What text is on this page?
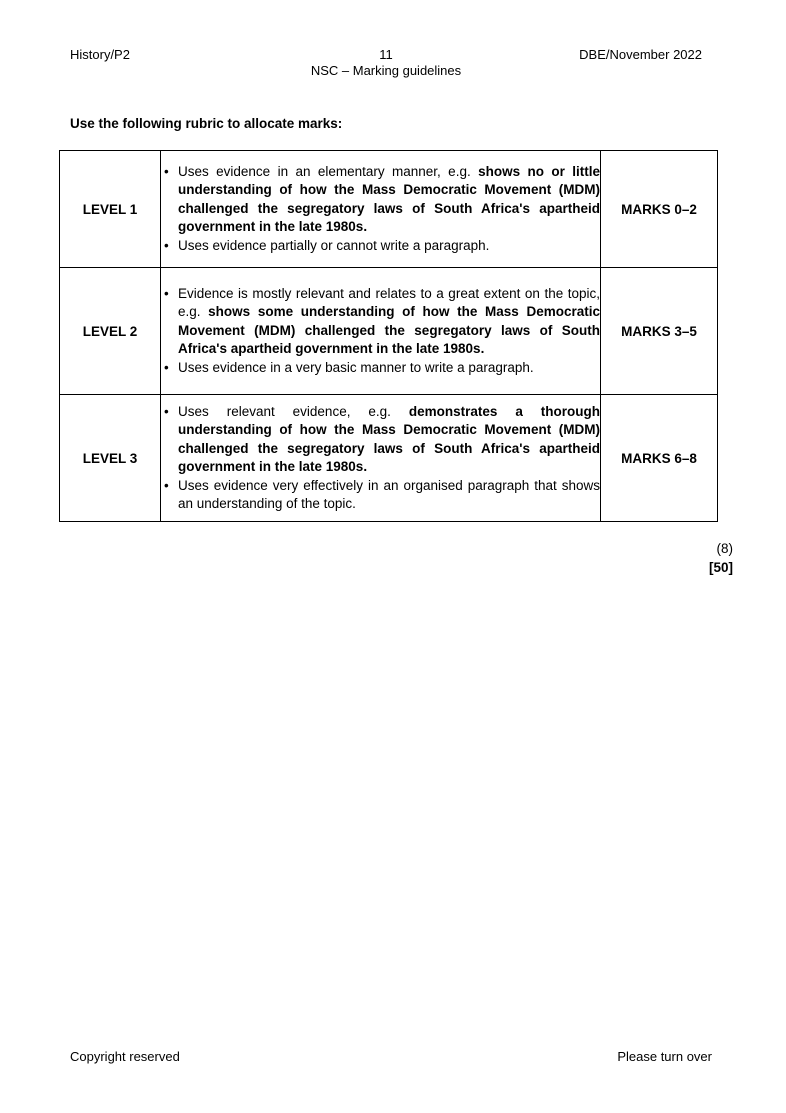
History/P2	11	DBE/November 2022
NSC – Marking guidelines
Use the following rubric to allocate marks:
LEVEL 1	
• Uses evidence in an elementary manner, e.g. shows no or little understanding of how the Mass Democratic Movement (MDM) challenged the segregatory laws of South Africa's apartheid government in the late 1980s.
• Uses evidence partially or cannot write a paragraph.
	MARKS 0–2
LEVEL 2	
• Evidence is mostly relevant and relates to a great extent on the topic, e.g. shows some understanding of how the Mass Democratic Movement (MDM) challenged the segregatory laws of South Africa's apartheid government in the late 1980s.
• Uses evidence in a very basic manner to write a paragraph.
	MARKS 3–5
LEVEL 3	
• Uses relevant evidence, e.g. demonstrates a thorough understanding of how the Mass Democratic Movement (MDM) challenged the segregatory laws of South Africa's apartheid government in the late 1980s.
• Uses evidence very effectively in an organised paragraph that shows an understanding of the topic.
	MARKS 6–8
(8)
[50]
Copyright reserved	Please turn over
